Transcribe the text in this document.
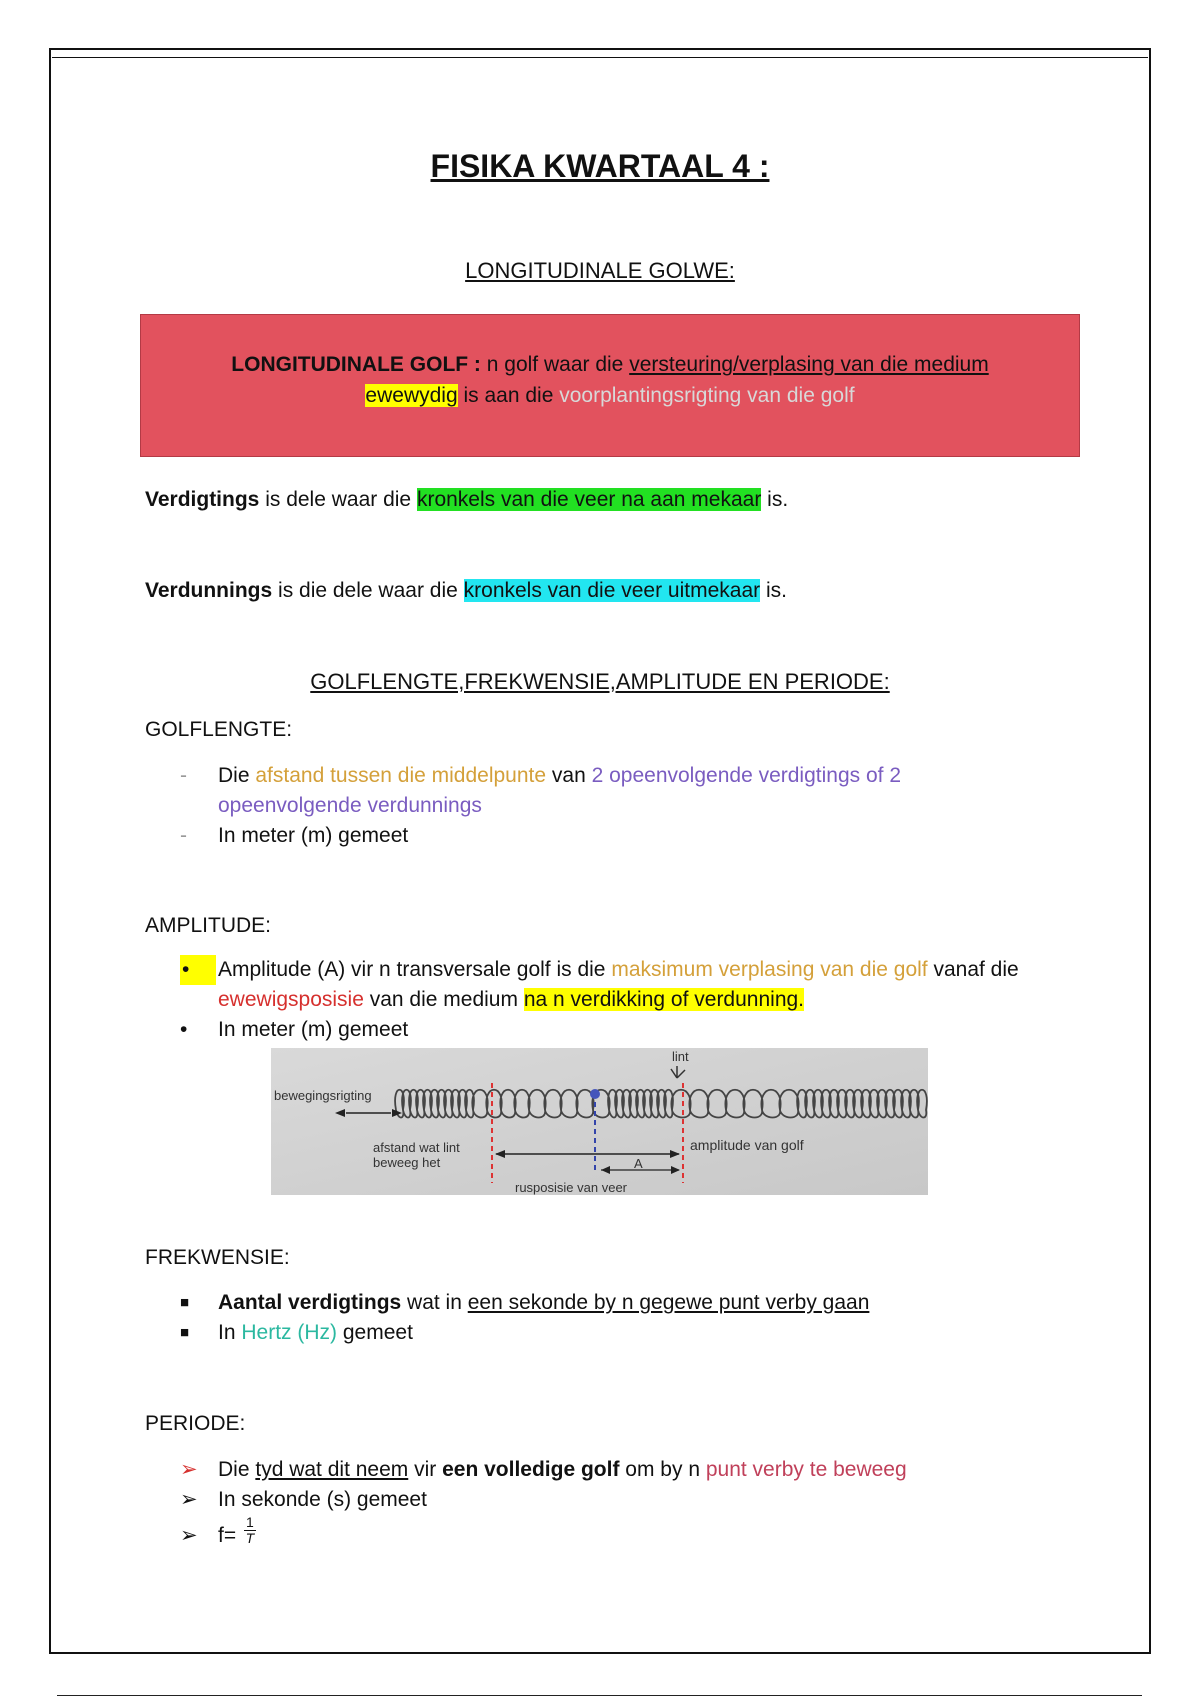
FISIKA KWARTAAL 4 :
LONGITUDINALE GOLWE:
LONGITUDINALE GOLF : n golf waar die versteuring/verplasing van die medium
ewewydig is aan die voorplantingsrigting van die golf
Verdigtings is dele waar die kronkels van die veer na aan mekaar is.
Verdunnings is die dele waar die kronkels van die veer uitmekaar is.
GOLFLENGTE,FREKWENSIE,AMPLITUDE EN PERIODE:
GOLFLENGTE:
-	Die afstand tussen die middelpunte van 2 opeenvolgende verdigtings of 2 opeenvolgende verdunnings
-	In meter (m) gemeet
AMPLITUDE:
•	Amplitude (A) vir n transversale golf is die maksimum verplasing van die golf vanaf die ewewigsposisie van die medium na n verdikking of verdunning.
•	In meter (m) gemeet
lint
bewegingsrigting
afstand wat lint
beweeg het
amplitude van golf
A
rusposisie van veer
FREKWENSIE:
■	Aantal verdigtings wat in een sekonde by n gegewe punt verby gaan
■	In Hertz (Hz) gemeet
PERIODE:
➢ Die tyd wat dit neem vir een volledige golf om by n punt verby te beweeg
➢ In sekonde (s) gemeet
➢ $f= \frac{1}{T}$
